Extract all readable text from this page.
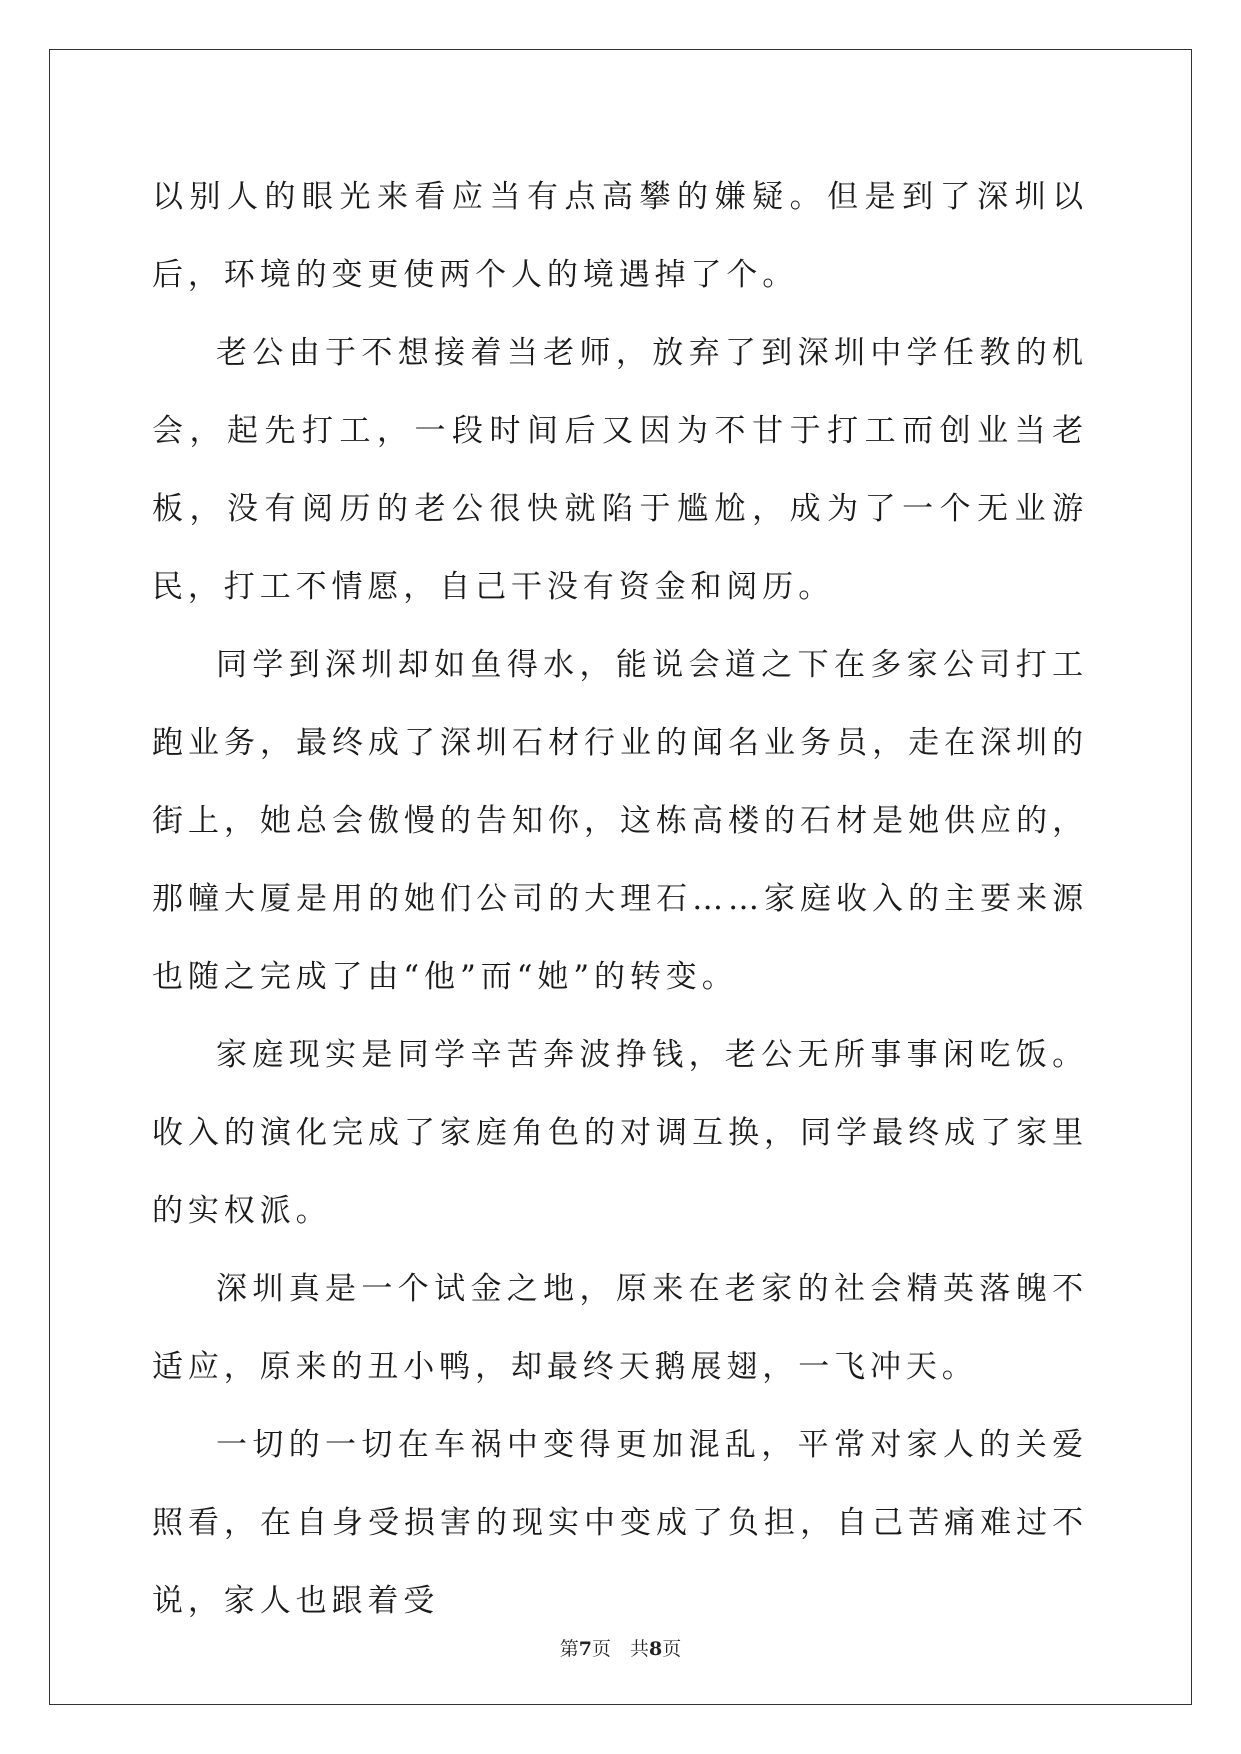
以别人的眼光来看应当有点高攀的嫌疑。但是到了深圳以后，环境的变更使两个人的境遇掉了个。

老公由于不想接着当老师，放弃了到深圳中学任教的机会，起先打工，一段时间后又因为不甘于打工而创业当老板，没有阅历的老公很快就陷于尴尬，成为了一个无业游民，打工不情愿，自己干没有资金和阅历。

同学到深圳却如鱼得水，能说会道之下在多家公司打工跑业务，最终成了深圳石材行业的闻名业务员，走在深圳的街上，她总会傲慢的告知你，这栋高楼的石材是她供应的，那幢大厦是用的她们公司的大理石……家庭收入的主要来源也随之完成了由“他”而“她”的转变。

家庭现实是同学辛苦奔波挣钱，老公无所事事闲吃饭。收入的演化完成了家庭角色的对调互换，同学最终成了家里的实权派。

深圳真是一个试金之地，原来在老家的社会精英落魄不适应，原来的丑小鸭，却最终天鹅展翅，一飞冲天。

一切的一切在车祸中变得更加混乱，平常对家人的关爱照看，在自身受损害的现实中变成了负担，自己苦痛难过不说，家人也跟着受

第7页　共8页
